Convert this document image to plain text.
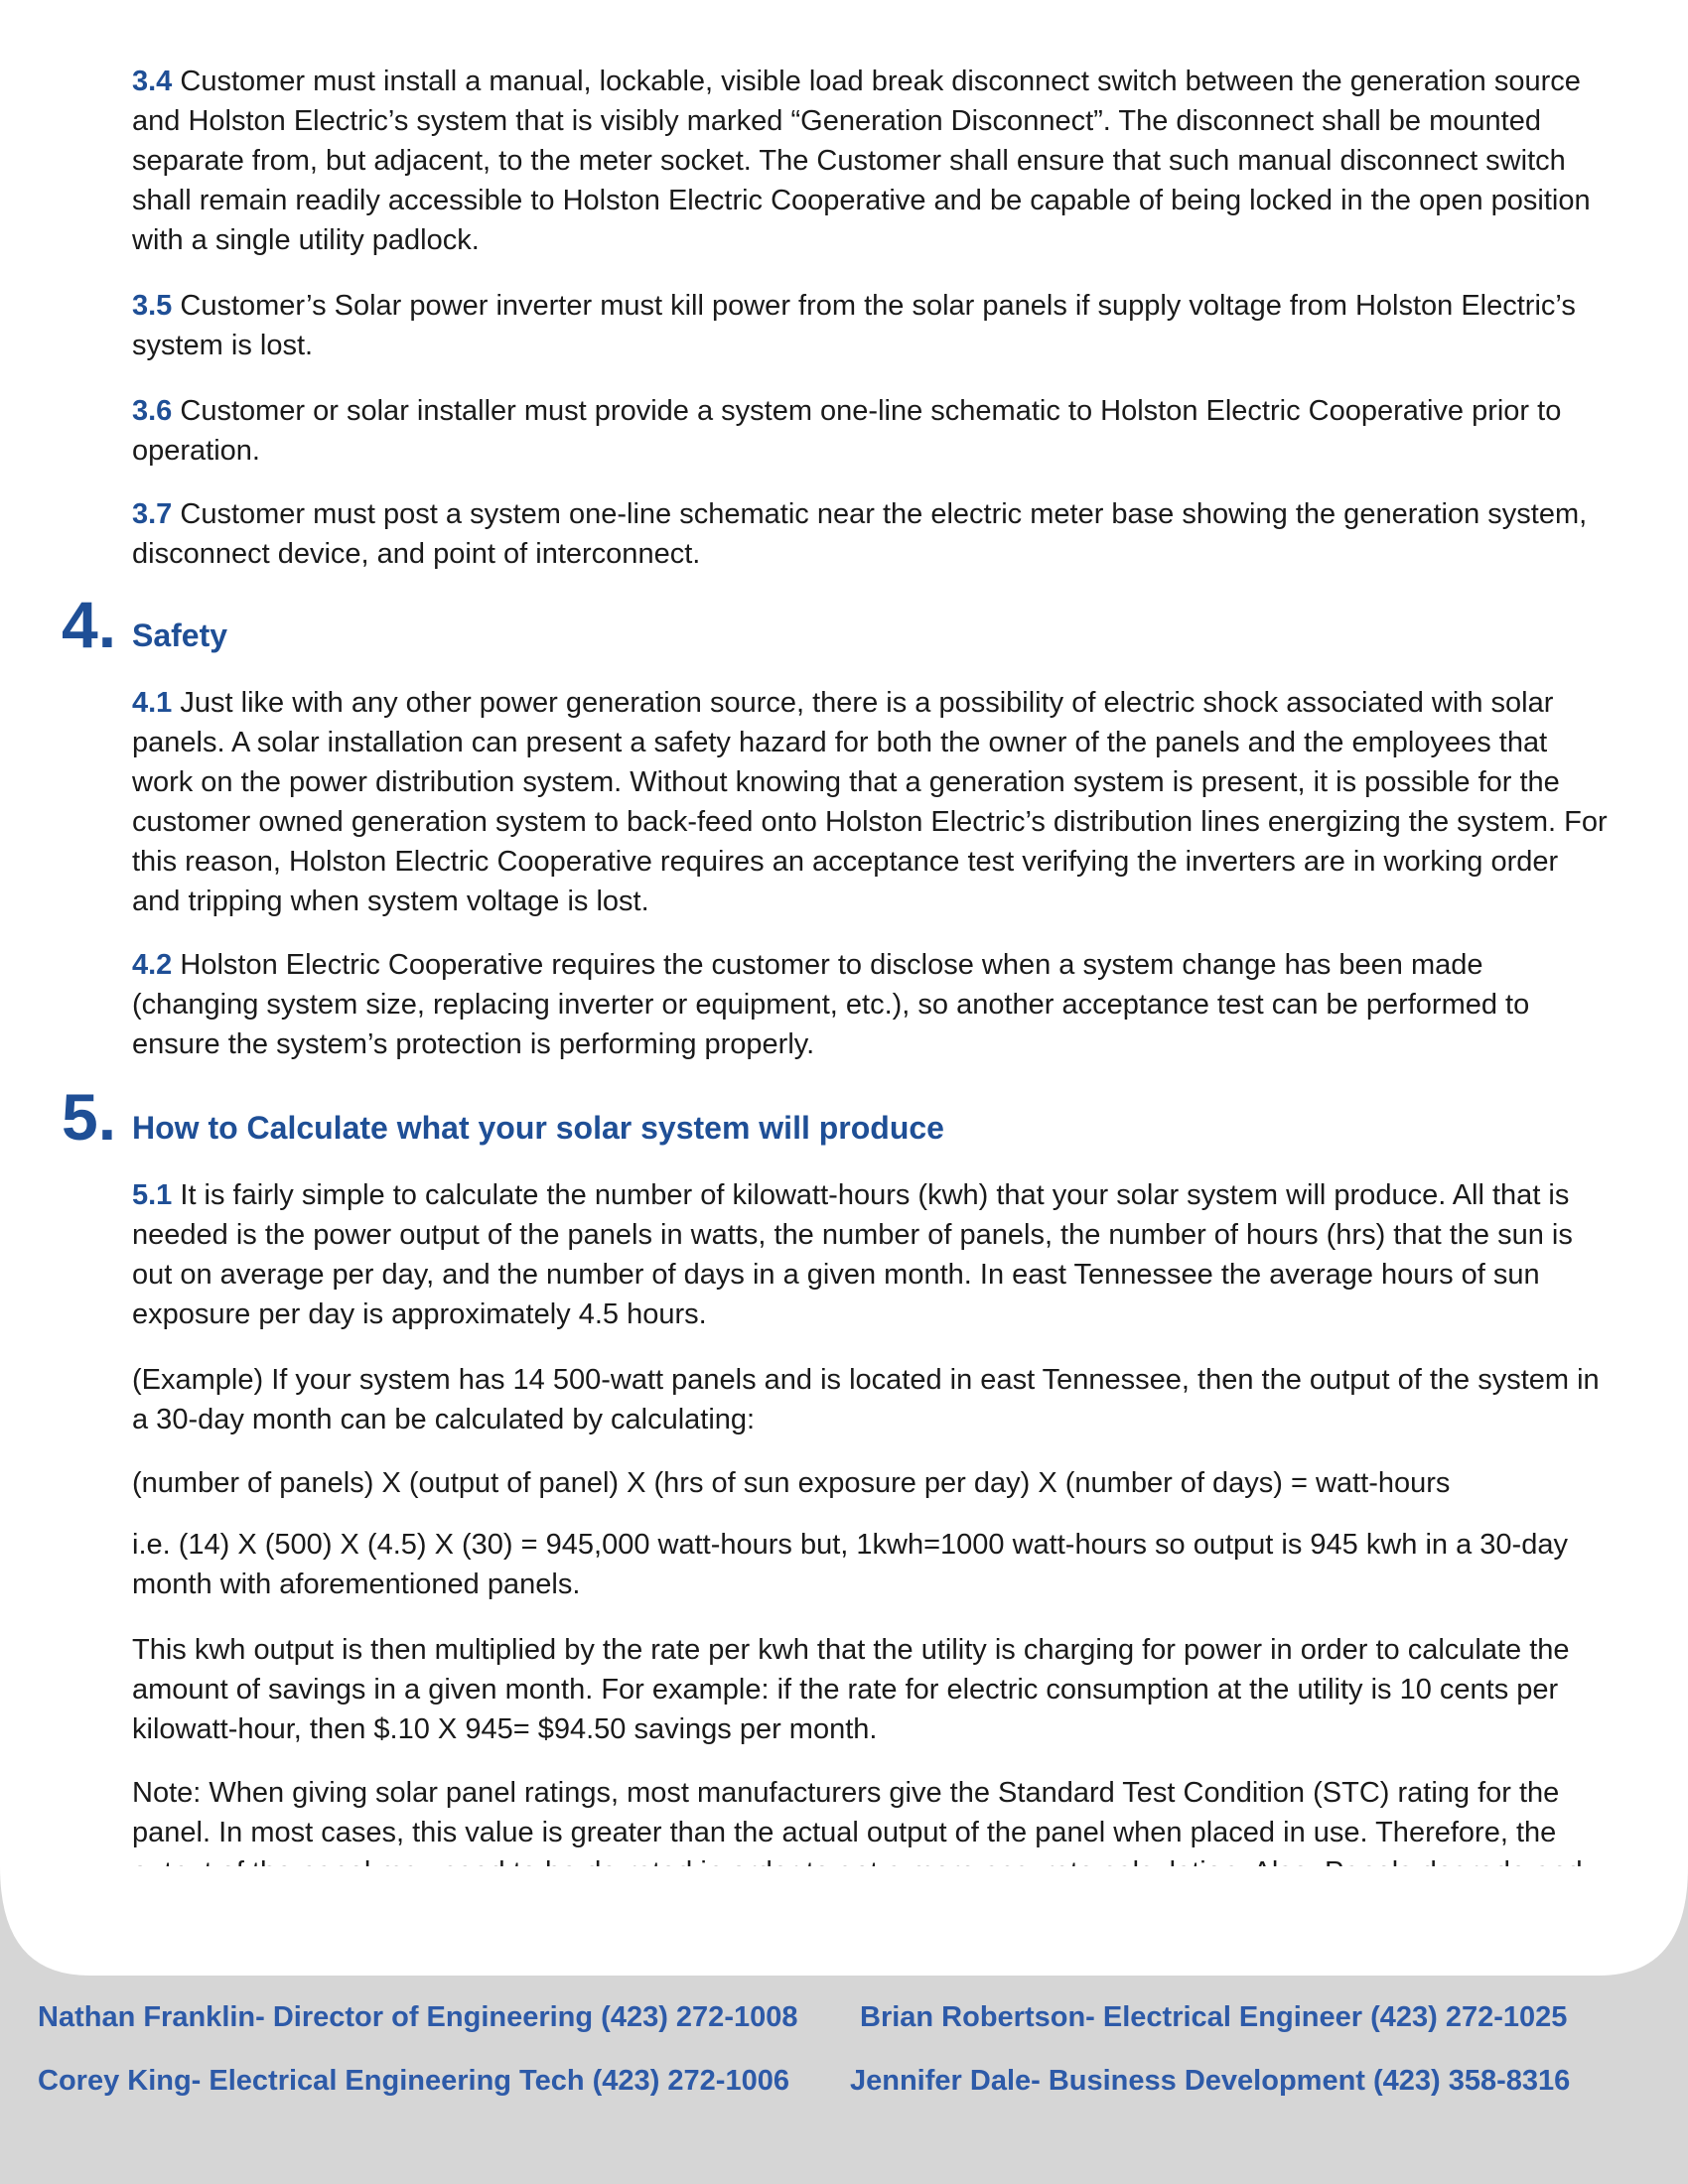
3.4 Customer must install a manual, lockable, visible load break disconnect switch between the generation source and Holston Electric’s system that is visibly marked “Generation Disconnect”. The disconnect shall be mounted separate from, but adjacent, to the meter socket. The Customer shall ensure that such manual disconnect switch shall remain readily accessible to Holston Electric Cooperative and be capable of being locked in the open position with a single utility padlock.

3.5 Customer’s Solar power inverter must kill power from the solar panels if supply voltage from Holston Electric’s system is lost.

3.6 Customer or solar installer must provide a system one-line schematic to Holston Electric Cooperative prior to operation.

3.7 Customer must post a system one-line schematic near the electric meter base showing the generation system, disconnect device, and point of interconnect.

4. Safety

4.1 Just like with any other power generation source, there is a possibility of electric shock associated with solar panels. A solar installation can present a safety hazard for both the owner of the panels and the employees that work on the power distribution system. Without knowing that a generation system is present, it is possible for the customer owned generation system to back-feed onto Holston Electric’s distribution lines energizing the system. For this reason, Holston Electric Cooperative requires an acceptance test verifying the inverters are in working order and tripping when system voltage is lost.

4.2 Holston Electric Cooperative requires the customer to disclose when a system change has been made (changing system size, replacing inverter or equipment, etc.), so another acceptance test can be performed to ensure the system’s protection is performing properly.

5. How to Calculate what your solar system will produce

5.1 It is fairly simple to calculate the number of kilowatt-hours (kwh) that your solar system will produce. All that is needed is the power output of the panels in watts, the number of panels, the number of hours (hrs) that the sun is out on average per day, and the number of days in a given month. In east Tennessee the average hours of sun exposure per day is approximately 4.5 hours.

(Example) If your system has 14 500-watt panels and is located in east Tennessee, then the output of the system in a 30-day month can be calculated by calculating:

(number of panels) X (output of panel) X (hrs of sun exposure per day) X (number of days) = watt-hours

i.e. (14) X (500) X (4.5) X (30) = 945,000 watt-hours but, 1kwh=1000 watt-hours so output is 945 kwh in a 30-day month with aforementioned panels.

This kwh output is then multiplied by the rate per kwh that the utility is charging for power in order to calculate the amount of savings in a given month. For example: if the rate for electric consumption at the utility is 10 cents per kilowatt-hour, then $.10 X 945= $94.50 savings per month.

Note: When giving solar panel ratings, most manufacturers give the Standard Test Condition (STC) rating for the panel. In most cases, this value is greater than the actual output of the panel when placed in use. Therefore, the

Nathan Franklin- Director of Engineering (423) 272-1008 Brian Robertson- Electrical Engineer (423) 272-1025
Corey King- Electrical Engineering Tech (423) 272-1006 Jennifer Dale- Business Development (423) 358-8316
